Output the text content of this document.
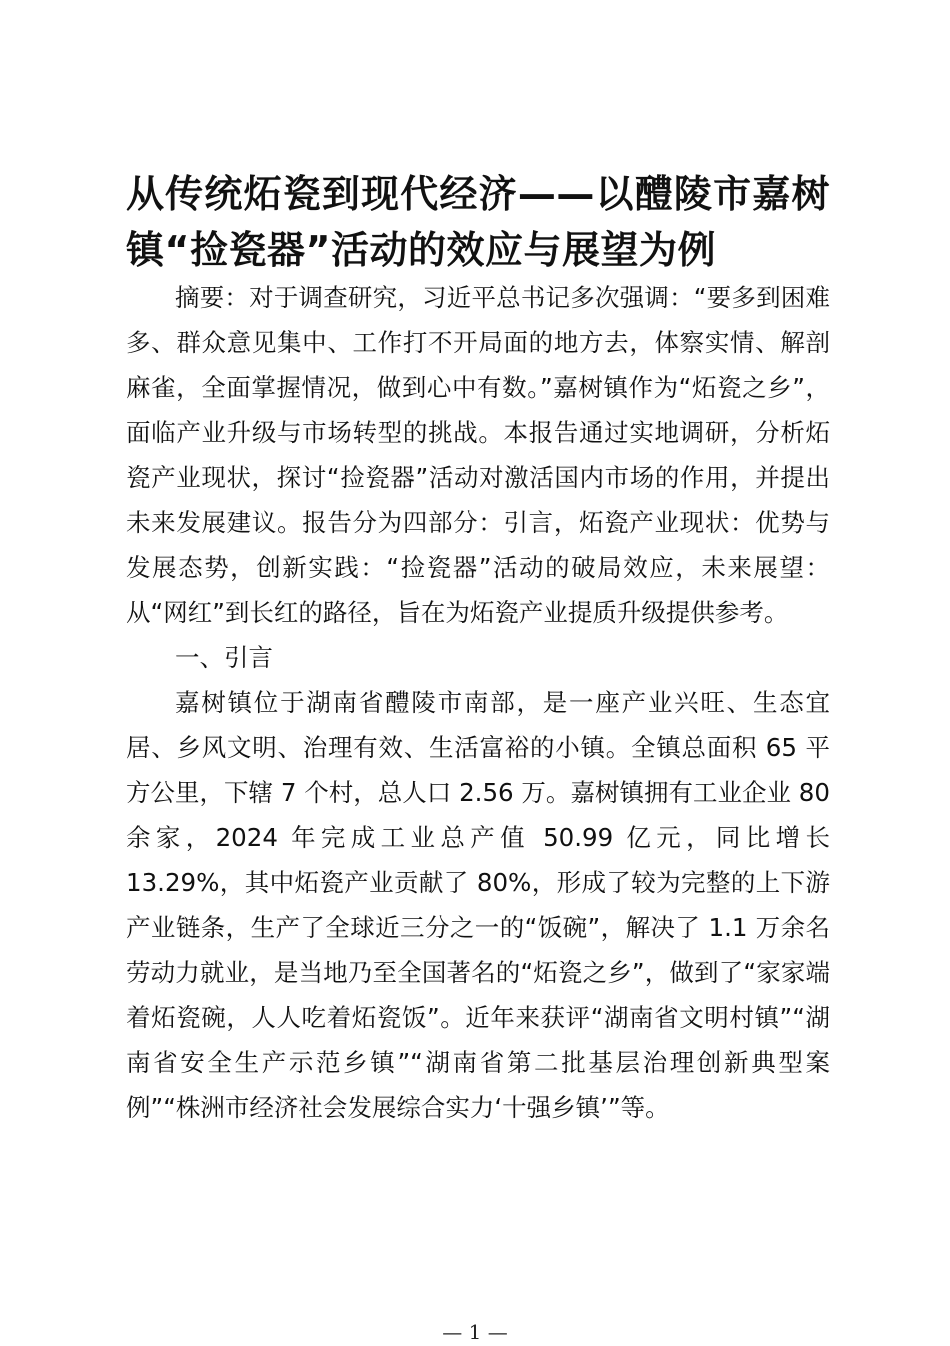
从传统炻瓷到现代经济——以醴陵市嘉树镇“捡瓷器”活动的效应与展望为例

摘要：对于调查研究，习近平总书记多次强调：“要多到困难多、群众意见集中、工作打不开局面的地方去，体察实情、解剖麻雀，全面掌握情况，做到心中有数。”嘉树镇作为“炻瓷之乡”，面临产业升级与市场转型的挑战。本报告通过实地调研，分析炻瓷产业现状，探讨“捡瓷器”活动对激活国内市场的作用，并提出未来发展建议。报告分为四部分：引言，炻瓷产业现状：优势与发展态势，创新实践：“捡瓷器”活动的破局效应，未来展望：从“网红”到长红的路径，旨在为炻瓷产业提质升级提供参考。

一、引言

嘉树镇位于湖南省醴陵市南部，是一座产业兴旺、生态宜居、乡风文明、治理有效、生活富裕的小镇。全镇总面积 65 平方公里，下辖 7 个村，总人口 2.56 万。嘉树镇拥有工业企业 80 余家，2024 年完成工业总产值 50.99 亿元，同比增长 13.29%，其中炻瓷产业贡献了 80%，形成了较为完整的上下游产业链条，生产了全球近三分之一的“饭碗”，解决了 1.1 万余名劳动力就业，是当地乃至全国著名的“炻瓷之乡”，做到了“家家端着炻瓷碗，人人吃着炻瓷饭”。近年来获评“湖南省文明村镇”“湖南省安全生产示范乡镇”“湖南省第二批基层治理创新典型案例”“株洲市经济社会发展综合实力‘十强乡镇’”等。

— 1 —
